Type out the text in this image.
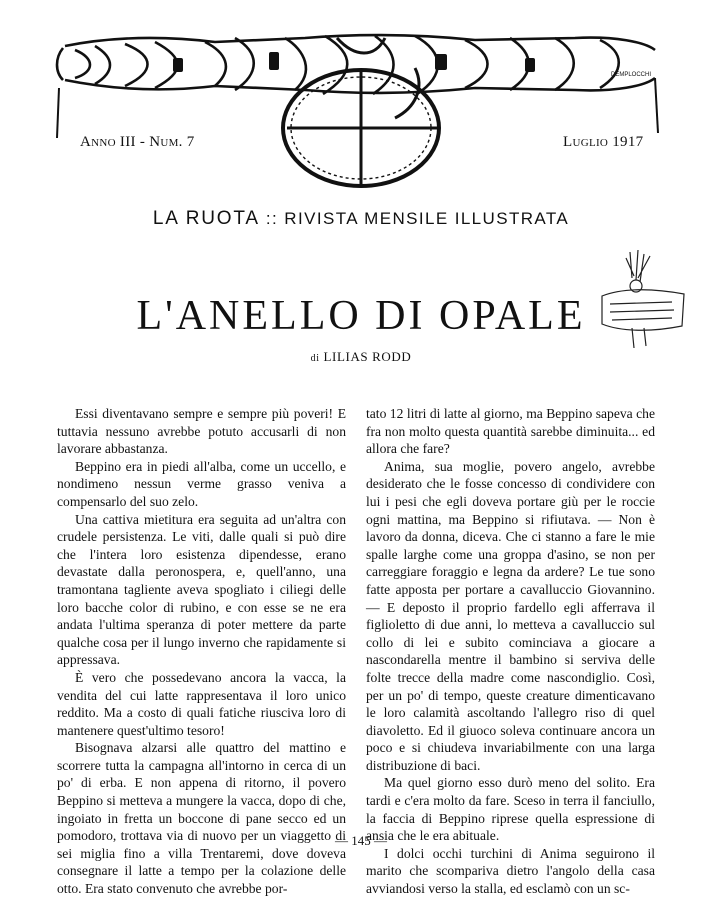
DEMPLOCCHI
Anno III - Num. 7	Luglio 1917
LA RUOTA :: RIVISTA MENSILE ILLUSTRATA
L'ANELLO DI OPALE
di LILIAS RODD

Essi diventavano sempre e sempre più poveri! E tuttavia nessuno avrebbe potuto accusarli di non lavorare abbastanza.

Beppino era in piedi all'alba, come un uccello, e nondimeno nessun verme grasso veniva a compensarlo del suo zelo.

Una cattiva mietitura era seguita ad un'altra con crudele persistenza. Le viti, dalle quali si può dire che l'intera loro esistenza dipendesse, erano devastate dalla peronospera, e, quell'anno, una tramontana tagliente aveva spogliato i ciliegi delle loro bacche color di rubino, e con esse se ne era andata l'ultima speranza di poter mettere da parte qualche cosa per il lungo inverno che rapidamente si appressava.

È vero che possedevano ancora la vacca, la vendita del cui latte rappresentava il loro unico reddito. Ma a costo di quali fatiche riusciva loro di mantenere quest'ultimo tesoro!

Bisognava alzarsi alle quattro del mattino e scorrere tutta la campagna all'intorno in cerca di un po' di erba. E non appena di ritorno, il povero Beppino si metteva a mungere la vacca, dopo di che, ingoiato in fretta un boccone di pane secco ed un pomodoro, trottava via di nuovo per un viaggetto di sei miglia fino a villa Trentaremi, dove doveva consegnare il latte a tempo per la colazione delle otto. Era stato convenuto che avrebbe por-

tato 12 litri di latte al giorno, ma Beppino sapeva che fra non molto questa quantità sarebbe diminuita... ed allora che fare?

Anima, sua moglie, povero angelo, avrebbe desiderato che le fosse concesso di condividere con lui i pesi che egli doveva portare giù per le roccie ogni mattina, ma Beppino si rifiutava. — Non è lavoro da donna, diceva. Che ci stanno a fare le mie spalle larghe come una groppa d'asino, se non per carreggiare foraggio e legna da ardere? Le tue sono fatte apposta per portare a cavalluccio Giovannino. — E deposto il proprio fardello egli afferrava il figlioletto di due anni, lo metteva a cavalluccio sul collo di lei e subito cominciava a giocare a nascondarella mentre il bambino si serviva delle folte trecce della madre come nascondiglio. Così, per un po' di tempo, queste creature dimenticavano le loro calamità ascoltando l'allegro riso di quel diavoletto. Ed il giuoco soleva continuare ancora un poco e si chiudeva invariabilmente con una larga distribuzione di baci.

Ma quel giorno esso durò meno del solito. Era tardi e c'era molto da fare. Sceso in terra il fanciullo, la faccia di Beppino riprese quella espressione di ansia che le era abituale.

I dolci occhi turchini di Anima seguirono il marito che scompariva dietro l'angolo della casa avviandosi verso la stalla, ed esclamò con un sc-

— 145 —
